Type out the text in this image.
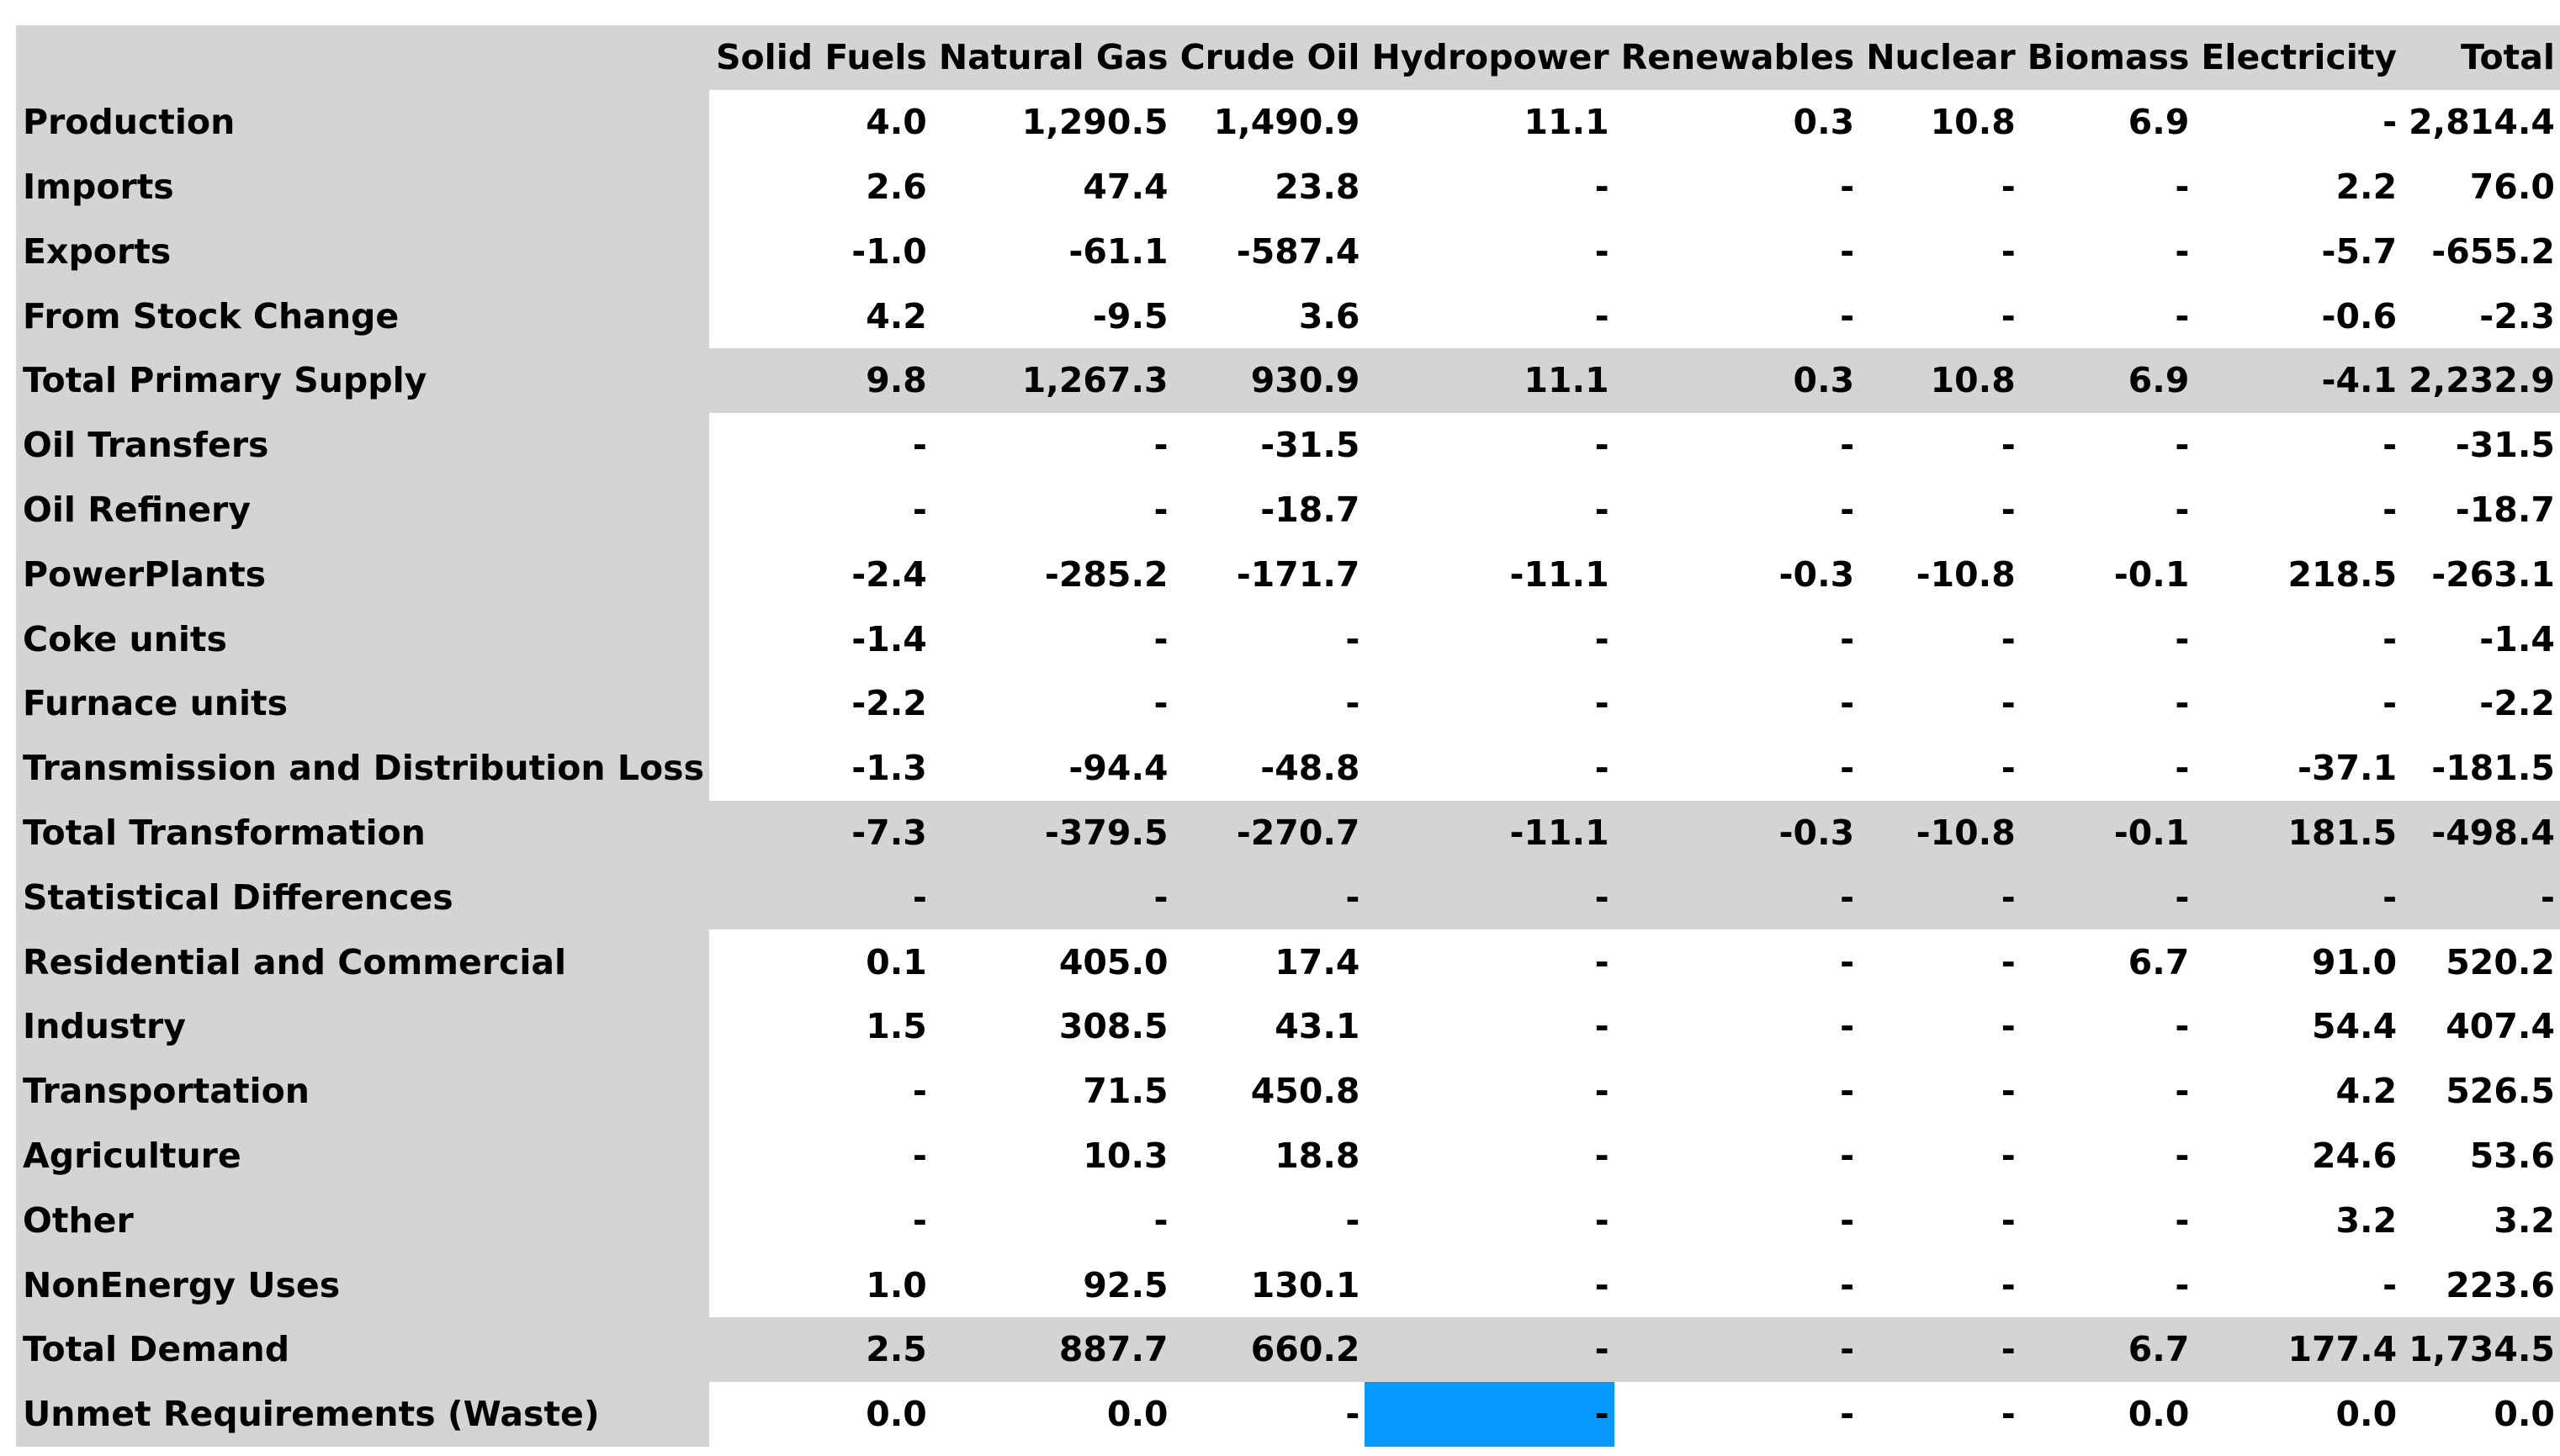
	Solid Fuels	Natural Gas	Crude Oil	Hydropower	Renewables	Nuclear	Biomass	Electricity	Total
Production	4.0	1,290.5	1,490.9	11.1	0.3	10.8	6.9	-	2,814.4
Imports	2.6	47.4	23.8	-	-	-	-	2.2	76.0
Exports	-1.0	-61.1	-587.4	-	-	-	-	-5.7	-655.2
From Stock Change	4.2	-9.5	3.6	-	-	-	-	-0.6	-2.3
Total Primary Supply	9.8	1,267.3	930.9	11.1	0.3	10.8	6.9	-4.1	2,232.9
Oil Transfers	-	-	-31.5	-	-	-	-	-	-31.5
Oil Refinery	-	-	-18.7	-	-	-	-	-	-18.7
PowerPlants	-2.4	-285.2	-171.7	-11.1	-0.3	-10.8	-0.1	218.5	-263.1
Coke units	-1.4	-	-	-	-	-	-	-	-1.4
Furnace units	-2.2	-	-	-	-	-	-	-	-2.2
Transmission and Distribution Loss	-1.3	-94.4	-48.8	-	-	-	-	-37.1	-181.5
Total Transformation	-7.3	-379.5	-270.7	-11.1	-0.3	-10.8	-0.1	181.5	-498.4
Statistical Differences	-	-	-	-	-	-	-	-	-
Residential and Commercial	0.1	405.0	17.4	-	-	-	6.7	91.0	520.2
Industry	1.5	308.5	43.1	-	-	-	-	54.4	407.4
Transportation	-	71.5	450.8	-	-	-	-	4.2	526.5
Agriculture	-	10.3	18.8	-	-	-	-	24.6	53.6
Other	-	-	-	-	-	-	-	3.2	3.2
NonEnergy Uses	1.0	92.5	130.1	-	-	-	-	-	223.6
Total Demand	2.5	887.7	660.2	-	-	-	6.7	177.4	1,734.5
Unmet Requirements (Waste)	0.0	0.0	-	-	-	-	0.0	0.0	0.0
